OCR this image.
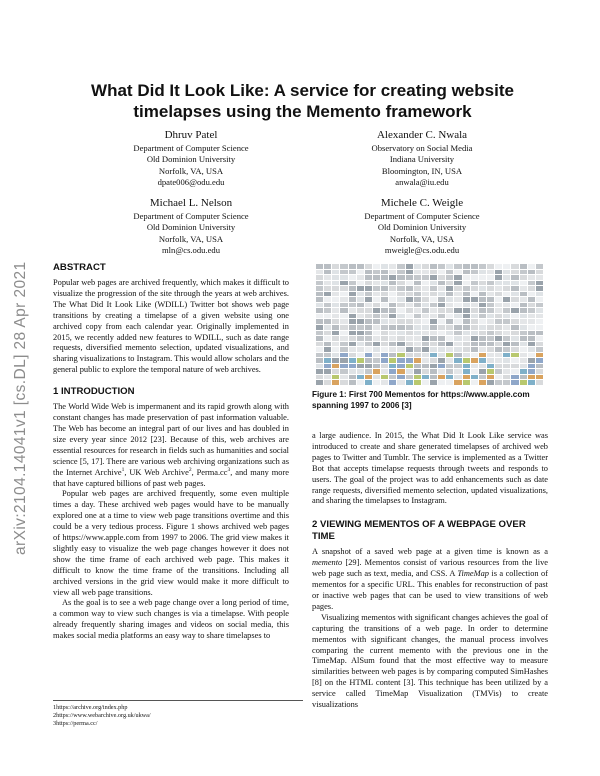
arXiv:2104.14041v1 [cs.DL] 28 Apr 2021
What Did It Look Like: A service for creating website timelapses using the Memento framework
Dhruv Patel
Department of Computer Science
Old Dominion University
Norfolk, VA, USA
dpate006@odu.edu
Alexander C. Nwala
Observatory on Social Media
Indiana University
Bloomington, IN, USA
anwala@iu.edu
Michael L. Nelson
Department of Computer Science
Old Dominion University
Norfolk, VA, USA
mln@cs.odu.edu
Michele C. Weigle
Department of Computer Science
Old Dominion University
Norfolk, VA, USA
mweigle@cs.odu.edu
ABSTRACT

Popular web pages are archived frequently, which makes it difficult to visualize the progression of the site through the years at web archives. The What Did It Look Like (WDILL) Twitter bot shows web page transitions by creating a timelapse of a given website using one archived copy from each calendar year. Originally implemented in 2015, we recently added new features to WDILL, such as date range requests, diversified memento selection, updated visualizations, and sharing visualizations to Instagram. This would allow scholars and the general public to explore the temporal nature of web archives.

1 INTRODUCTION

The World Wide Web is impermanent and its rapid growth along with constant changes has made preservation of past information valuable. The Web has become an integral part of our lives and has doubled in size every year since 2012 [23]. Because of this, web archives are essential resources for research in fields such as humanities and social science [5, 17]. There are various web archiving organizations such as the Internet Archive$^1$, UK Web Archive$^2$, $Perma.cc^3$, and many more that have captured billions of past web pages.

Popular web pages are archived frequently, some even multiple times a day. These archived web pages would have to be manually explored one at a time to view web page transitions overtime and this could be a very tedious process. Figure 1 shows archived web pages of https://www.apple.com from 1997 to 2006. The grid view makes it slightly easy to visualize the web page changes however it does not show the time frame of each archived web page. This makes it difficult to know the time frame of the transitions. Including all archived versions in the grid view would make it more difficult to view all web page transitions.

As the goal is to see a web page change over a long period of time, a common way to view such changes is via a timelapse. With people already frequently sharing images and videos on social media, this makes social media platforms an easy way to share timelapses to

1https://archive.org/index.php
2https://www.webarchive.org.uk/ukwa/
3https://perma.cc/
Figure 1: First 700 Mementos for https://www.apple.com spanning 1997 to 2006 [3]

a large audience. In 2015, the What Did It Look Like service was introduced to create and share generated timelapses of archived web pages to Twitter and Tumblr. The service is implemented as a Twitter Bot that accepts timelapse requests through tweets and responds to users. The goal of the project was to add enhancements such as date range requests, diversified memento selection, updated visualizations, and sharing the timelapses to Instagram.

2 VIEWING MEMENTOS OF A WEBPAGE OVER TIME

A snapshot of a saved web page at a given time is known as a memento [29]. Mementos consist of various resources from the live web page such as text, media, and CSS. A TimeMap is a collection of mementos for a specific URL. This enables for reconstruction of past or inactive web pages that can be used to view transitions of web pages.

Visualizing mementos with significant changes achieves the goal of capturing the transitions of a web page. In order to determine mementos with significant changes, the manual process involves comparing the current memento with the previous one in the TimeMap. AlSum found that the most effective way to measure similarities between web pages is by comparing computed SimHashes [8] on the HTML content [3]. This technique has been utilized by a service called TimeMap Visualization (TMVis) to create visualizations
